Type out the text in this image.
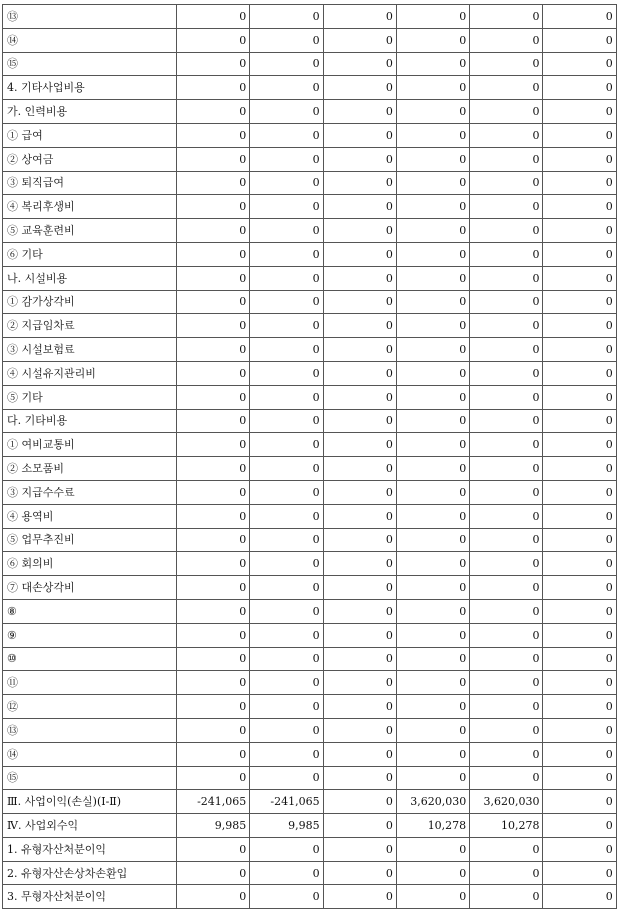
⑬	0	0	0	0	0	0
⑭	0	0	0	0	0	0
⑮	0	0	0	0	0	0
4. 기타사업비용	0	0	0	0	0	0
가. 인력비용	0	0	0	0	0	0
① 급여	0	0	0	0	0	0
② 상여금	0	0	0	0	0	0
③ 퇴직급여	0	0	0	0	0	0
④ 복리후생비	0	0	0	0	0	0
⑤ 교육훈련비	0	0	0	0	0	0
⑥ 기타	0	0	0	0	0	0
나. 시설비용	0	0	0	0	0	0
① 감가상각비	0	0	0	0	0	0
② 지급임차료	0	0	0	0	0	0
③ 시설보험료	0	0	0	0	0	0
④ 시설유지관리비	0	0	0	0	0	0
⑤ 기타	0	0	0	0	0	0
다. 기타비용	0	0	0	0	0	0
① 여비교통비	0	0	0	0	0	0
② 소모품비	0	0	0	0	0	0
③ 지급수수료	0	0	0	0	0	0
④ 용역비	0	0	0	0	0	0
⑤ 업무추진비	0	0	0	0	0	0
⑥ 회의비	0	0	0	0	0	0
⑦ 대손상각비	0	0	0	0	0	0
⑧	0	0	0	0	0	0
⑨	0	0	0	0	0	0
⑩	0	0	0	0	0	0
⑪	0	0	0	0	0	0
⑫	0	0	0	0	0	0
⑬	0	0	0	0	0	0
⑭	0	0	0	0	0	0
⑮	0	0	0	0	0	0
Ⅲ. 사업이익(손실)(Ⅰ-Ⅱ)	-241,065	-241,065	0	3,620,030	3,620,030	0
Ⅳ. 사업외수익	9,985	9,985	0	10,278	10,278	0
1. 유형자산처분이익	0	0	0	0	0	0
2. 유형자산손상차손환입	0	0	0	0	0	0
3. 무형자산처분이익	0	0	0	0	0	0
